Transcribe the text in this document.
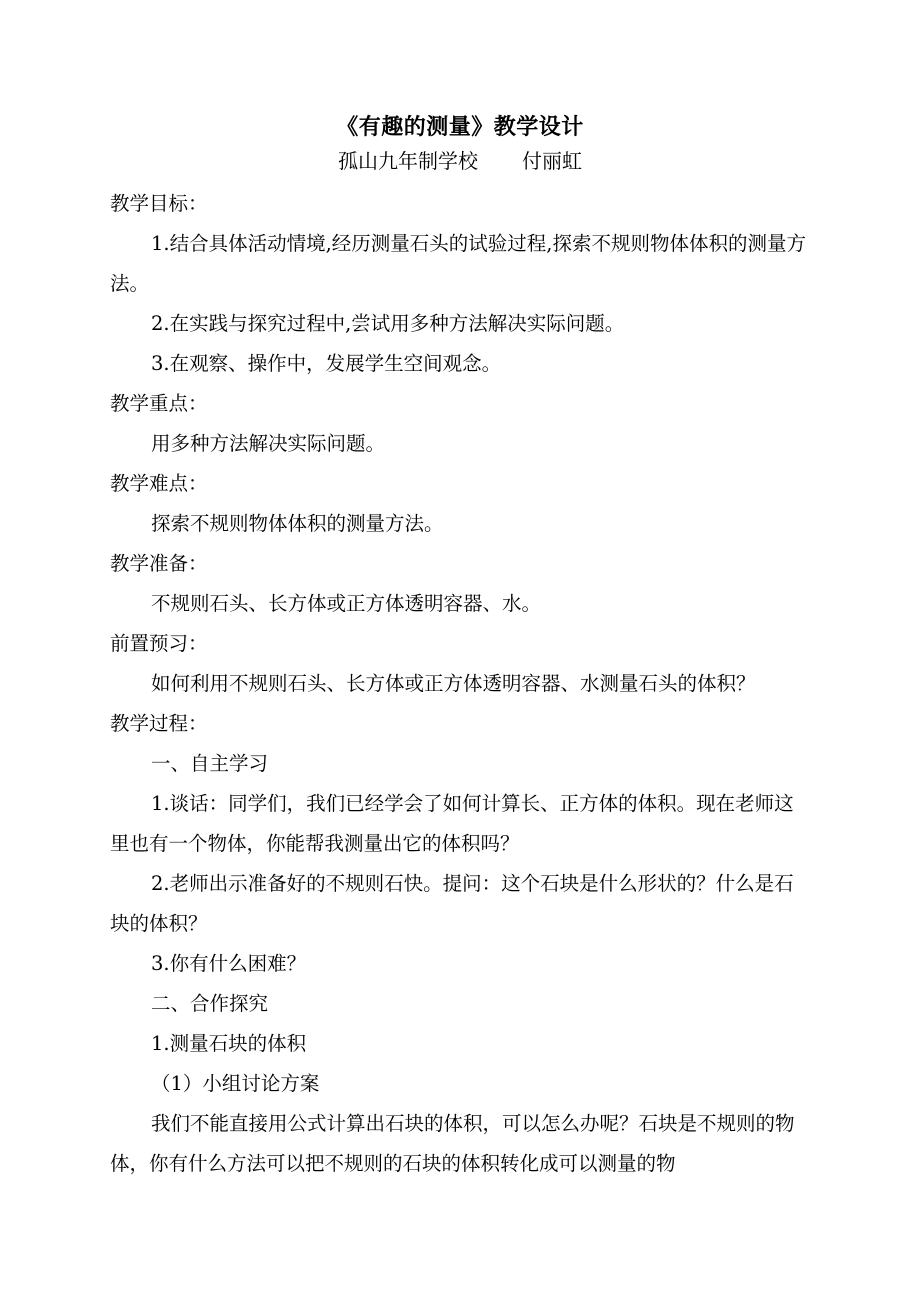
《有趣的测量》教学设计
孤山九年制学校 付丽虹

教学目标：

1.结合具体活动情境,经历测量石头的试验过程,探索不规则物体体积的测量方法。

2.在实践与探究过程中,尝试用多种方法解决实际问题。

3.在观察、操作中，发展学生空间观念。

教学重点：

用多种方法解决实际问题。

教学难点：

探索不规则物体体积的测量方法。

教学准备：

不规则石头、长方体或正方体透明容器、水。

前置预习：

如何利用不规则石头、长方体或正方体透明容器、水测量石头的体积？

教学过程：

一、自主学习

1.谈话：同学们，我们已经学会了如何计算长、正方体的体积。现在老师这里也有一个物体，你能帮我测量出它的体积吗？

2.老师出示准备好的不规则石快。提问：这个石块是什么形状的？什么是石块的体积？

3.你有什么困难？

二、合作探究

1.测量石块的体积

（1）小组讨论方案

我们不能直接用公式计算出石块的体积，可以怎么办呢？石块是不规则的物体，你有什么方法可以把不规则的石块的体积转化成可以测量的物
